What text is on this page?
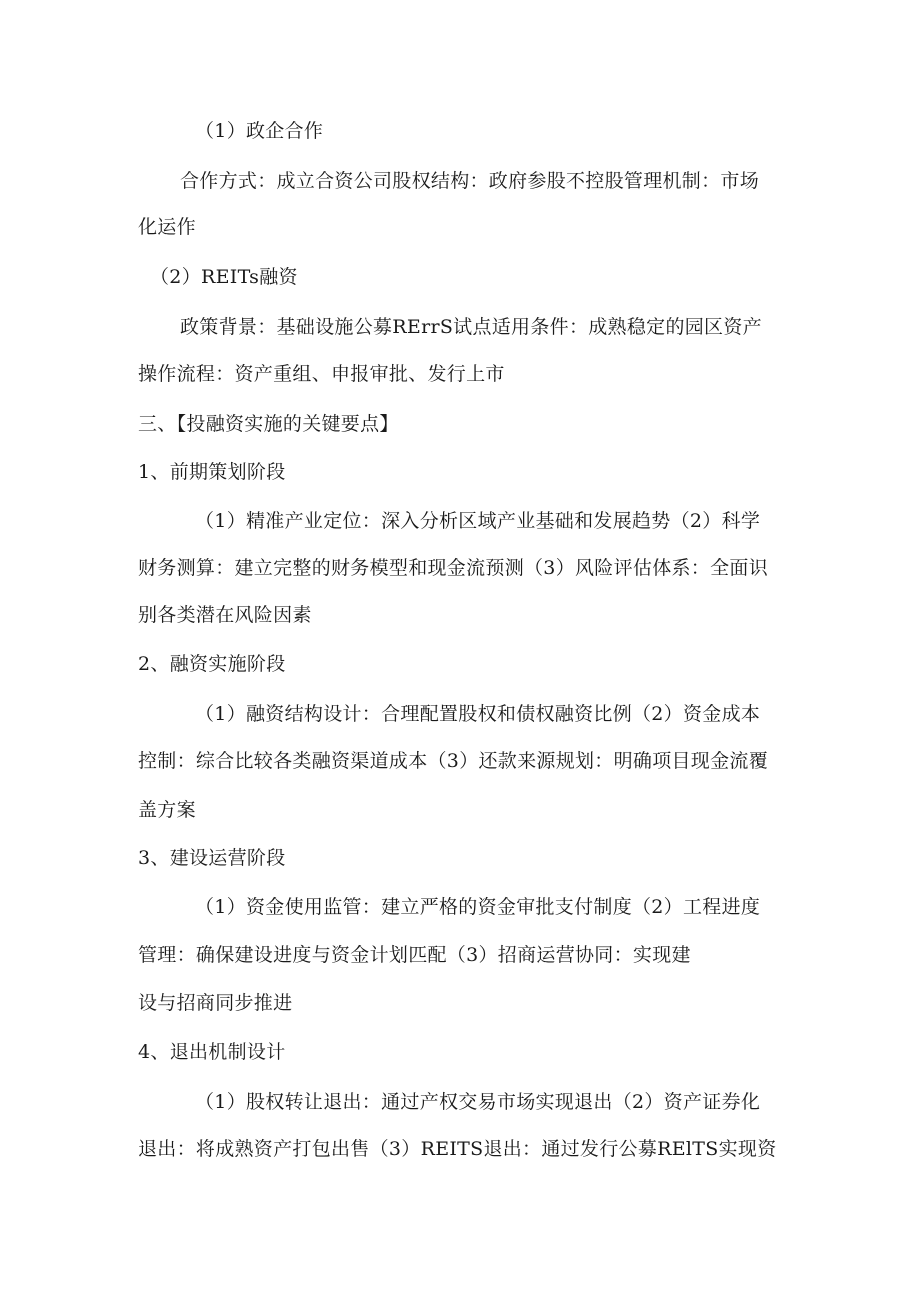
（1）政企合作
合作方式：成立合资公司股权结构：政府参股不控股管理机制：市场
化运作
（2）REITs融资
政策背景：基础设施公募RErrS试点适用条件：成熟稳定的园区资产
操作流程：资产重组、申报审批、发行上市
三、【投融资实施的关键要点】
1、前期策划阶段
（1）精准产业定位：深入分析区域产业基础和发展趋势（2）科学
财务测算：建立完整的财务模型和现金流预测（3）风险评估体系：全面识
别各类潜在风险因素
2、融资实施阶段
（1）融资结构设计：合理配置股权和债权融资比例（2）资金成本
控制：综合比较各类融资渠道成本（3）还款来源规划：明确项目现金流覆
盖方案
3、建设运营阶段
（1）资金使用监管：建立严格的资金审批支付制度（2）工程进度
管理：确保建设进度与资金计划匹配（3）招商运营协同：实现建
设与招商同步推进
4、退出机制设计
（1）股权转让退出：通过产权交易市场实现退出（2）资产证券化
退出：将成熟资产打包出售（3）REITS退出：通过发行公募RElTS实现资
